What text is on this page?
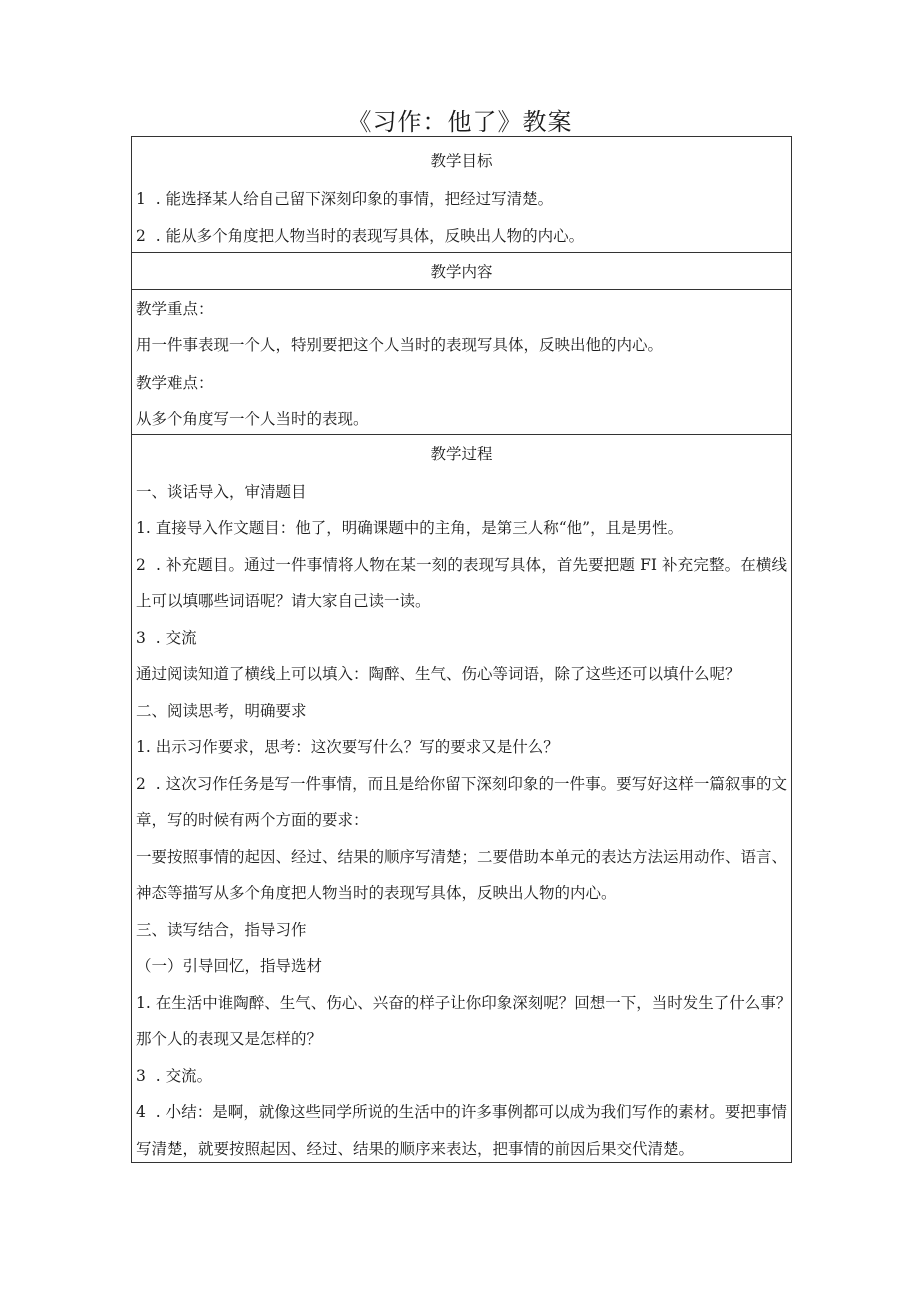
《习作：他了》教案
教学目标
1  . 能选择某人给自己留下深刻印象的事情，把经过写清楚。
2  . 能从多个角度把人物当时的表现写具体，反映出人物的内心。
教学内容
教学重点：
用一件事表现一个人，特别要把这个人当时的表现写具体，反映出他的内心。
教学难点：
从多个角度写一个人当时的表现。
教学过程
一、谈话导入，审清题目
1. 直接导入作文题目：他了，明确课题中的主角，是第三人称“他”，且是男性。
2  . 补充题目。通过一件事情将人物在某一刻的表现写具体，首先要把题 FI 补充完整。在横线
上可以填哪些词语呢？请大家自己读一读。
3  . 交流
通过阅读知道了横线上可以填入：陶醉、生气、伤心等词语，除了这些还可以填什么呢？
二、阅读思考，明确要求
1. 出示习作要求，思考：这次要写什么？写的要求又是什么？
2  . 这次习作任务是写一件事情，而且是给你留下深刻印象的一件事。要写好这样一篇叙事的文
章，写的时候有两个方面的要求：
一要按照事情的起因、经过、结果的顺序写清楚；二要借助本单元的表达方法运用动作、语言、
神态等描写从多个角度把人物当时的表现写具体，反映出人物的内心。
三、读写结合，指导习作
（一）引导回忆，指导选材
1. 在生活中谁陶醉、生气、伤心、兴奋的样子让你印象深刻呢？回想一下，当时发生了什么事？
那个人的表现又是怎样的？
3  . 交流。
4  . 小结：是啊，就像这些同学所说的生活中的许多事例都可以成为我们写作的素材。要把事情
写清楚，就要按照起因、经过、结果的顺序来表达，把事情的前因后果交代清楚。
